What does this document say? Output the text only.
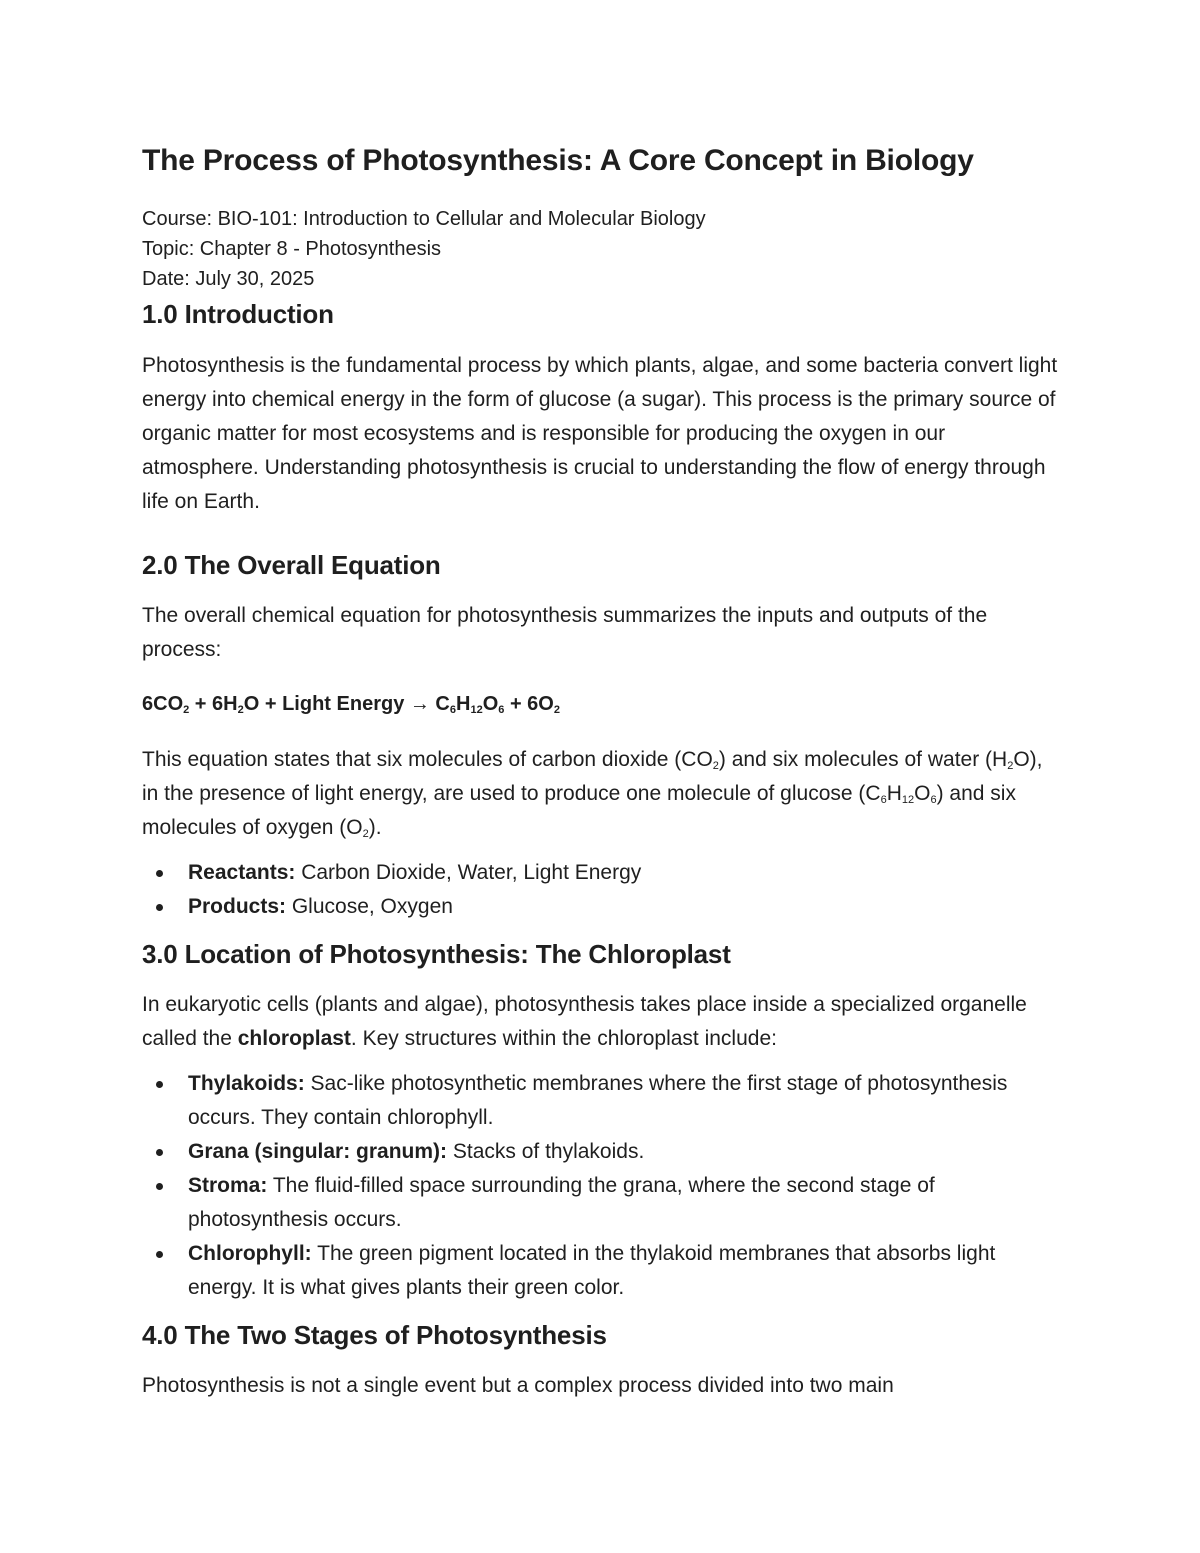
The Process of Photosynthesis: A Core Concept in Biology

Course: BIO-101: Introduction to Cellular and Molecular Biology

Topic: Chapter 8 - Photosynthesis

Date: July 30, 2025

1.0 Introduction

Photosynthesis is the fundamental process by which plants, algae, and some bacteria convert light energy into chemical energy in the form of glucose (a sugar). This process is the primary source of organic matter for most ecosystems and is responsible for producing the oxygen in our atmosphere. Understanding photosynthesis is crucial to understanding the flow of energy through life on Earth.

2.0 The Overall Equation

The overall chemical equation for photosynthesis summarizes the inputs and outputs of the process:

$6CO_2 + 6H_2O$ + Light Energy → $C_6H_{12}O_6 + 6O_2$

This equation states that six molecules of carbon dioxide $(CO_2)$ and six molecules of water $(H_2O)$, in the presence of light energy, are used to produce one molecule of glucose $(C_6H_{12}O_6)$ and six molecules of oxygen $(O_2)$.

Reactants: Carbon Dioxide, Water, Light Energy
Products: Glucose, Oxygen
3.0 Location of Photosynthesis: The Chloroplast

In eukaryotic cells (plants and algae), photosynthesis takes place inside a specialized organelle called the chloroplast. Key structures within the chloroplast include:

Thylakoids: Sac-like photosynthetic membranes where the first stage of photosynthesis occurs. They contain chlorophyll.
Grana (singular: granum): Stacks of thylakoids.
Stroma: The fluid-filled space surrounding the grana, where the second stage of photosynthesis occurs.
Chlorophyll: The green pigment located in the thylakoid membranes that absorbs light energy. It is what gives plants their green color.
4.0 The Two Stages of Photosynthesis

Photosynthesis is not a single event but a complex process divided into two main
